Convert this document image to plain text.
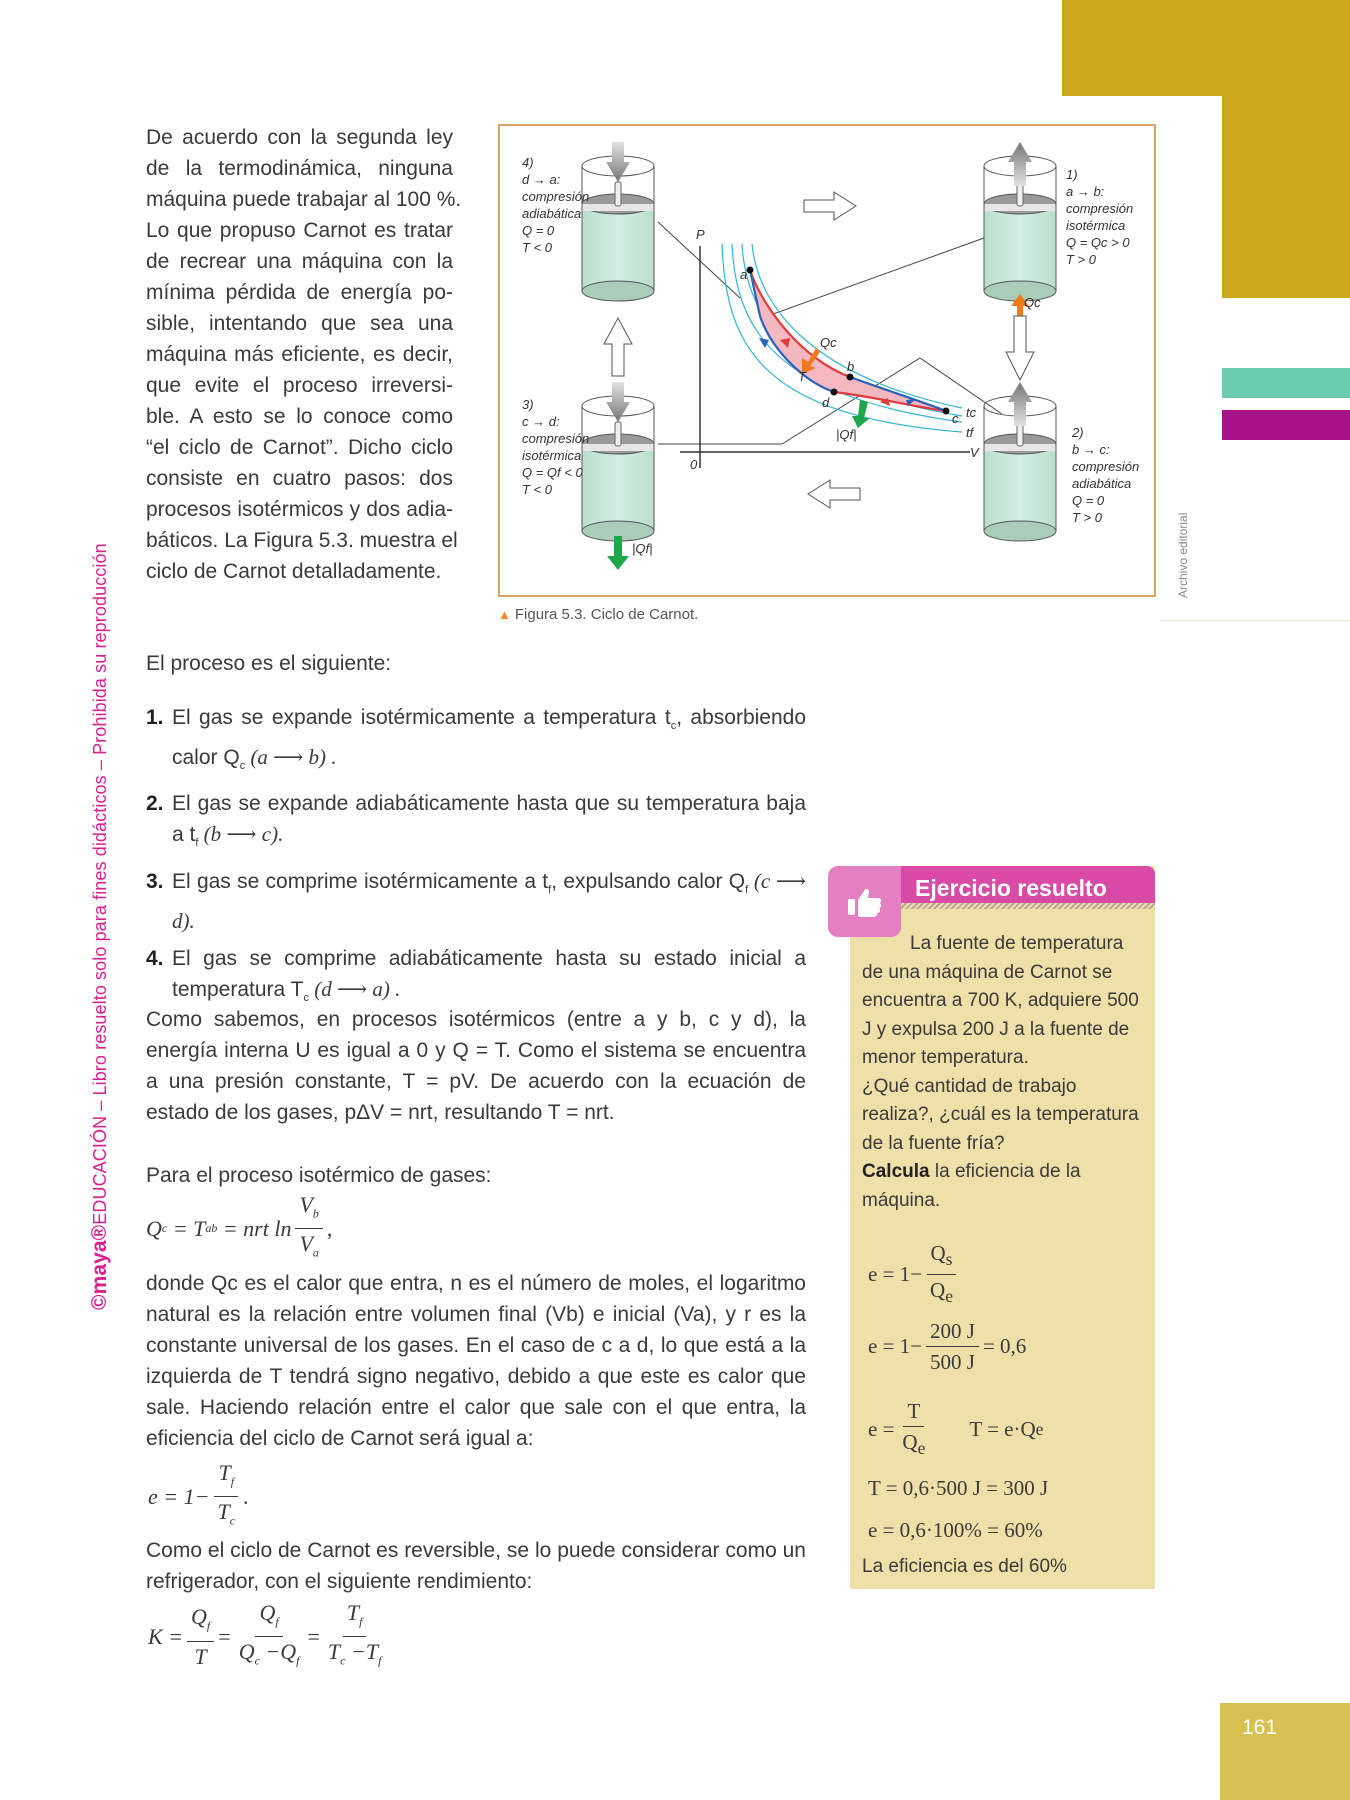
©maya®EDUCACIÓN – Libro resuelto solo para fines didácticos – Prohibida su reproducción	Archivo editorial
De acuerdo con la segunda ley
de la termodinámica, ninguna
máquina puede trabajar al 100 %.
Lo que propuso Carnot es tratar
de recrear una máquina con la
mínima pérdida de energía po-
sible, intentando que sea una
máquina más eficiente, es decir,
que evite el proceso irreversi-
ble. A esto se lo conoce como
“el ciclo de Carnot”. Dicho ciclo
consiste en cuatro pasos: dos
procesos isotérmicos y dos adia-
báticos. La Figura 5.3. muestra el
ciclo de Carnot detalladamente.
4)
d → a:
compresión
adiabática
Q = 0
T < 0
3)
c → d:
compresión
isotérmica
Q = Qf < 0
T < 0
1)
a → b:
compresión
isotérmica
Q = Qc > 0
T > 0
2)
b → c:
compresión
adiabática
Q = 0
T > 0
Qc
|Qf|
P
V
0
a
b
c
d
Qc
|Qf|
T
tc
tf
▲ Figura 5.3. Ciclo de Carnot.
El proceso es el siguiente:
1. El gas se expande isotérmicamente a temperatura $t_c$, absorbiendo calor $Q_c$ (a ⟶ b) .
2. El gas se expande adiabáticamente hasta que su temperatura baja a $t_f$ (b ⟶ c).
3. El gas se comprime isotérmicamente a $t_f$, expulsando calor $Q_f$ (c ⟶ d).
4. El gas se comprime adiabáticamente hasta su estado inicial a temperatura $T_c$ (d ⟶ a) .
Como sabemos, en procesos isotérmicos (entre a y b, c y d), la energía interna U es igual a 0 y Q = T. Como el sistema se encuentra a una presión constante, T = pV. De acuerdo con la ecuación de estado de los gases, pΔV = nrt, resultando T = nrt.
Para el proceso isotérmico de gases:
Q c
= T ab
= nrt $\ln \frac{V_b}{V_a}$ ,
donde Qc es el calor que entra, n es el número de moles, el logaritmo natural es la relación entre volumen final (Vb) e inicial (Va), y r es la constante universal de los gases. En el caso de c a d, lo que está a la izquierda de T tendrá signo negativo, debido a que este es calor que sale. Haciendo relación entre el calor que sale con el que entra, la eficiencia del ciclo de Carnot será igual a:
$e = 1- \frac{T_f}{T_c}$ .
Como el ciclo de Carnot es reversible, se lo puede considerar como un refrigerador, con el siguiente rendimiento:
$K = \frac{Q_f}{T} = \frac{Q_f}{Q_c -Q_f} = \frac{T_f}{T_c -T_f}$
Ejercicio resuelto
La fuente de temperatura de una máquina de Carnot se encuentra a 700 K, adquiere 500 J y expulsa 200 J a la fuente de menor temperatura.
¿Qué cantidad de trabajo realiza?, ¿cuál es la temperatura de la fuente fría?
Calcula la eficiencia de la máquina.
$e = 1- \frac{Q_s}{Q_e}$
$e = 1- \frac{200 J}{500 J} = 0,6$
$e = \frac{T}{Q_e}$ T = e·Q e
T = 0,6·500 J = 300 J
e = 0,6·100% = 60%
La eficiencia es del 60%
161
